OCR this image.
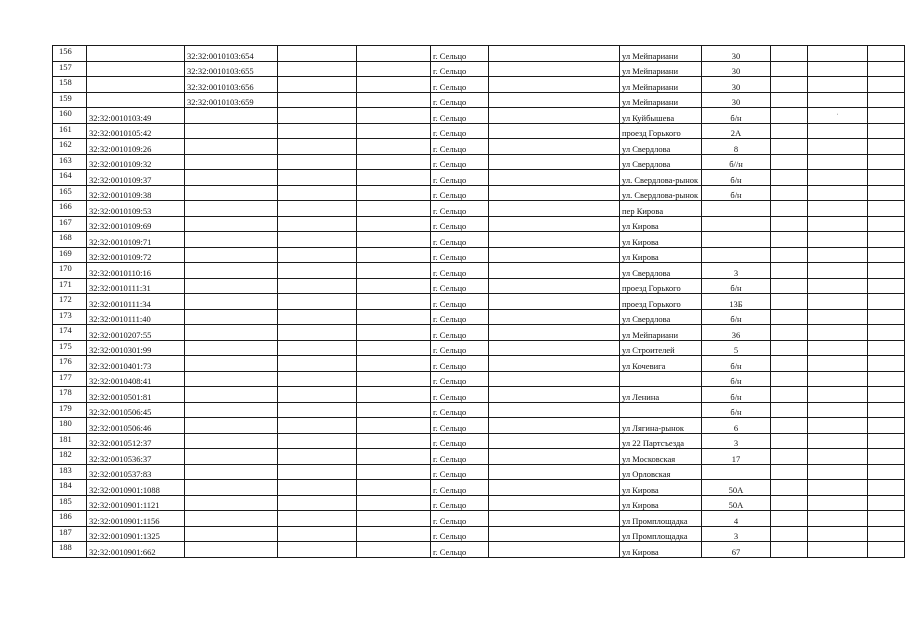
156		32:32:0010103:654			г. Сельцо		ул Мейпариани	30			
157		32:32:0010103:655			г. Сельцо		ул Мейпариани	30			
158		32:32:0010103:656			г. Сельцо		ул Мейпариани	30			
159		32:32:0010103:659			г. Сельцо		ул Мейпариани	30			
160	32:32:0010103:49				г. Сельцо		ул Куйбышева	б/н		·	
161	32:32:0010105:42				г. Сельцо		проезд Горького	2А			
162	32:32:0010109:26				г. Сельцо		ул Свердлова	8			
163	32:32:0010109:32				г. Сельцо		ул Свердлова	б//н			
164	32:32:0010109:37				г. Сельцо		ул. Свердлова-рынок	б/н			
165	32:32:0010109:38				г. Сельцо		ул. Свердлова-рынок	б/н			
166	32:32:0010109:53				г. Сельцо		пер Кирова				
167	32:32:0010109:69				г. Сельцо		ул Кирова				
168	32:32:0010109:71				г. Сельцо		ул Кирова				
169	32:32:0010109:72				г. Сельцо		ул Кирова				
170	32:32:0010110:16				г. Сельцо		ул Свердлова	3			
171	32:32:0010111:31				г. Сельцо		проезд Горького	б/н			
172	32:32:0010111:34				г. Сельцо		проезд Горького	13Б			
173	32:32:0010111:40				г. Сельцо		ул Свердлова	б/н			
174	32:32:0010207:55				г. Сельцо		ул Мейпариани	36			
175	32:32:0010301:99				г. Сельцо		ул Строителей	5			
176	32:32:0010401:73				г. Сельцо		ул Кочевига	б/н			
177	32:32:0010408:41				г. Сельцо			б/н			
178	32:32:0010501:81				г. Сельцо		ул Ленина	б/н			
179	32:32:0010506:45				г. Сельцо			б/н			
180	32:32:0010506:46				г. Сельцо		ул Лягина-рынок	6			
181	32:32:0010512:37				г. Сельцо		ул 22 Партсъезда	3			
182	32:32:0010536:37				г. Сельцо		ул Московская	17			
183	32:32:0010537:83				г. Сельцо		ул Орловская				
184	32:32:0010901:1088				г. Сельцо		ул Кирова	50А			
185	32:32:0010901:1121				г. Сельцо		ул Кирова	50А			
186	32:32:0010901:1156				г. Сельцо		ул Промплощадка	4			
187	32:32:0010901:1325				г. Сельцо		ул Промплощадка	3			
188	32:32:0010901:662				г. Сельцо		ул Кирова	67			
